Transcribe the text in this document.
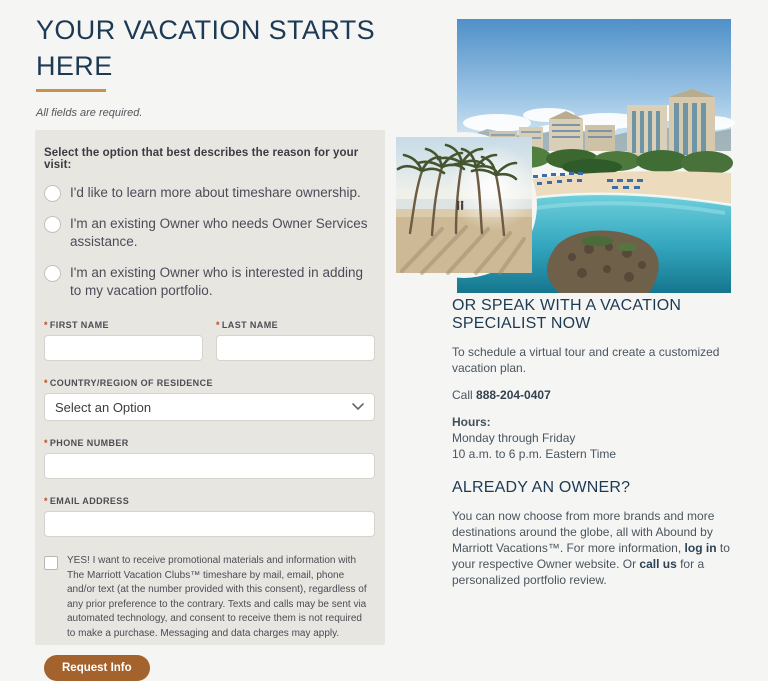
YOUR VACATION STARTS
HERE
All fields are required.
Select the option that best describes the reason for your visit:
I'd like to learn more about timeshare ownership.
I'm an existing Owner who needs Owner Services assistance.
I'm an existing Owner who is interested in adding to my vacation portfolio.
* FIRST NAME	* LAST NAME
* COUNTRY/REGION OF RESIDENCE
Select an Option
* PHONE NUMBER
* EMAIL ADDRESS
YES! I want to receive promotional materials and information with The Marriott Vacation Clubs™ timeshare by mail, email, phone and/or text (at the number provided with this consent), regardless of any prior preference to the contrary. Texts and calls may be sent via automated technology, and consent to receive them is not required to make a purchase. Messaging and data charges may apply.
Request Info
OR SPEAK WITH A VACATION SPECIALIST NOW

To schedule a virtual tour and create a customized vacation plan.

Call 888-204-0407

Hours:
Monday through Friday
10 a.m. to 6 p.m. Eastern Time

ALREADY AN OWNER?

You can now choose from more brands and more destinations around the globe, all with Abound by Marriott Vacations™. For more information, log in to your respective Owner website. Or call us for a personalized portfolio review.
